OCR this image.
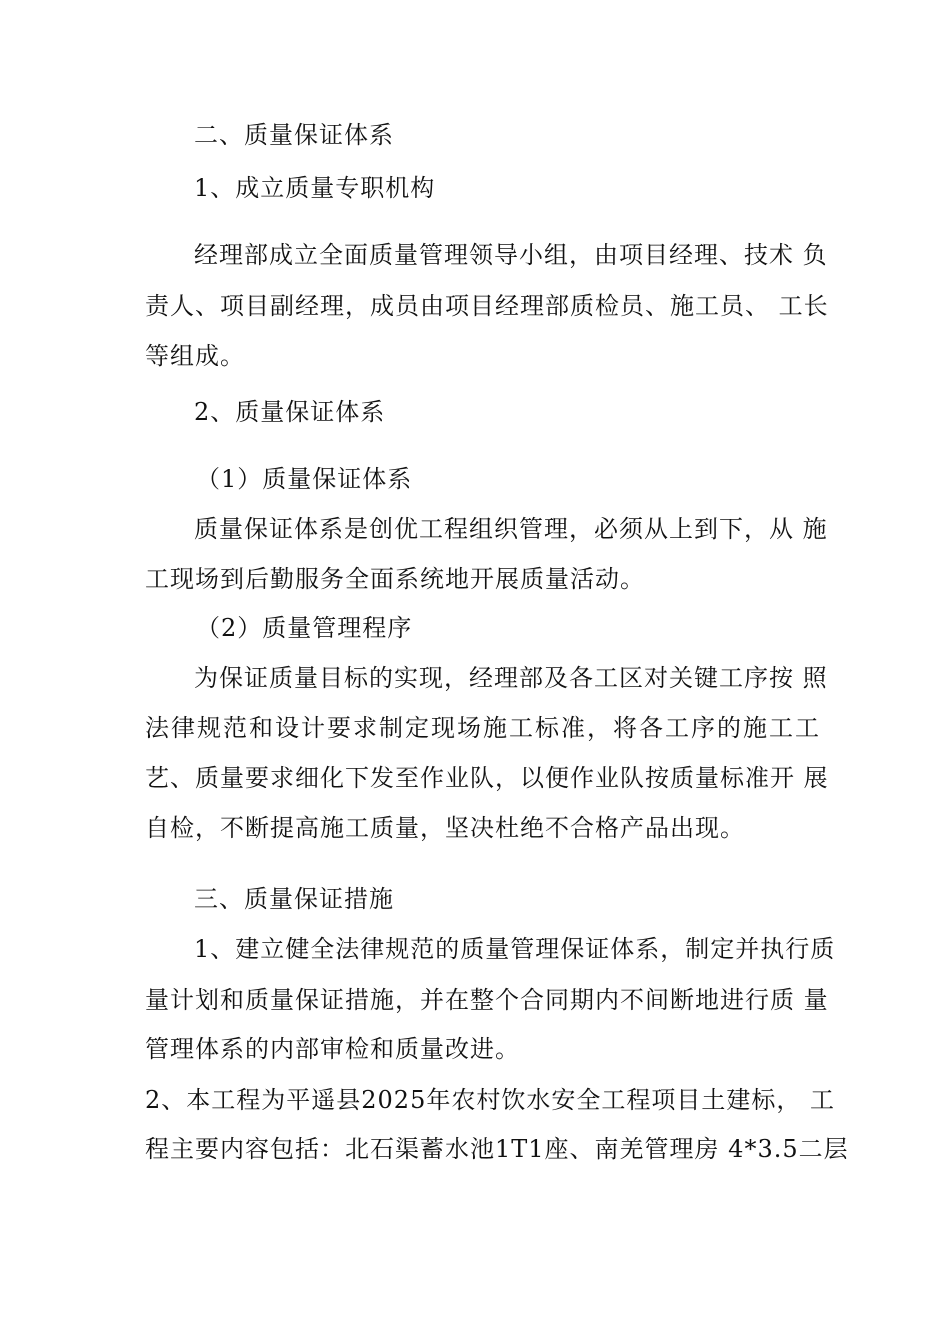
二、质量保证体系
1、成立质量专职机构
经理部成立全面质量管理领导小组，由项目经理、技术 负
责人、项目副经理，成员由项目经理部质检员、施工员、 工长
等组成。
2、质量保证体系
（1）质量保证体系
质量保证体系是创优工程组织管理，必须从上到下，从 施
工现场到后勤服务全面系统地开展质量活动。
（2）质量管理程序
为保证质量目标的实现，经理部及各工区对关键工序按 照
法律规范和设计要求制定现场施工标准，将各工序的施工工
艺、质量要求细化下发至作业队，以便作业队按质量标准开 展
自检，不断提高施工质量，坚决杜绝不合格产品出现。
三、质量保证措施
1、建立健全法律规范的质量管理保证体系，制定并执行质
量计划和质量保证措施，并在整个合同期内不间断地进行质 量
管理体系的内部审检和质量改进。
2、本工程为平遥县2025年农村饮水安全工程项目土建标， 工
程主要内容包括：北石渠蓄水池1T1座、南羌管理房 4*3.5二层
